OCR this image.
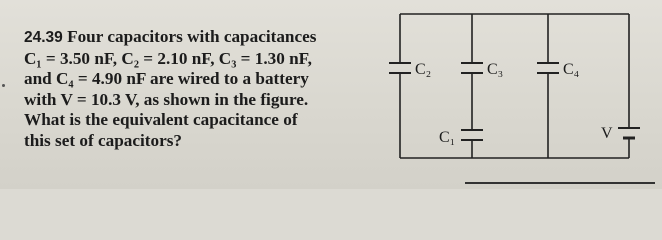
24.39 Four capacitors with capacitances
C₁ = 3.50 nF, C₂ = 2.10 nF, C₃ = 1.30 nF,
and C₄ = 4.90 nF are wired to a battery
with V = 10.3 V, as shown in the figure.
What is the equivalent capacitance of
this set of capacitors?
C₂	C₃	C₄
C₁	V
